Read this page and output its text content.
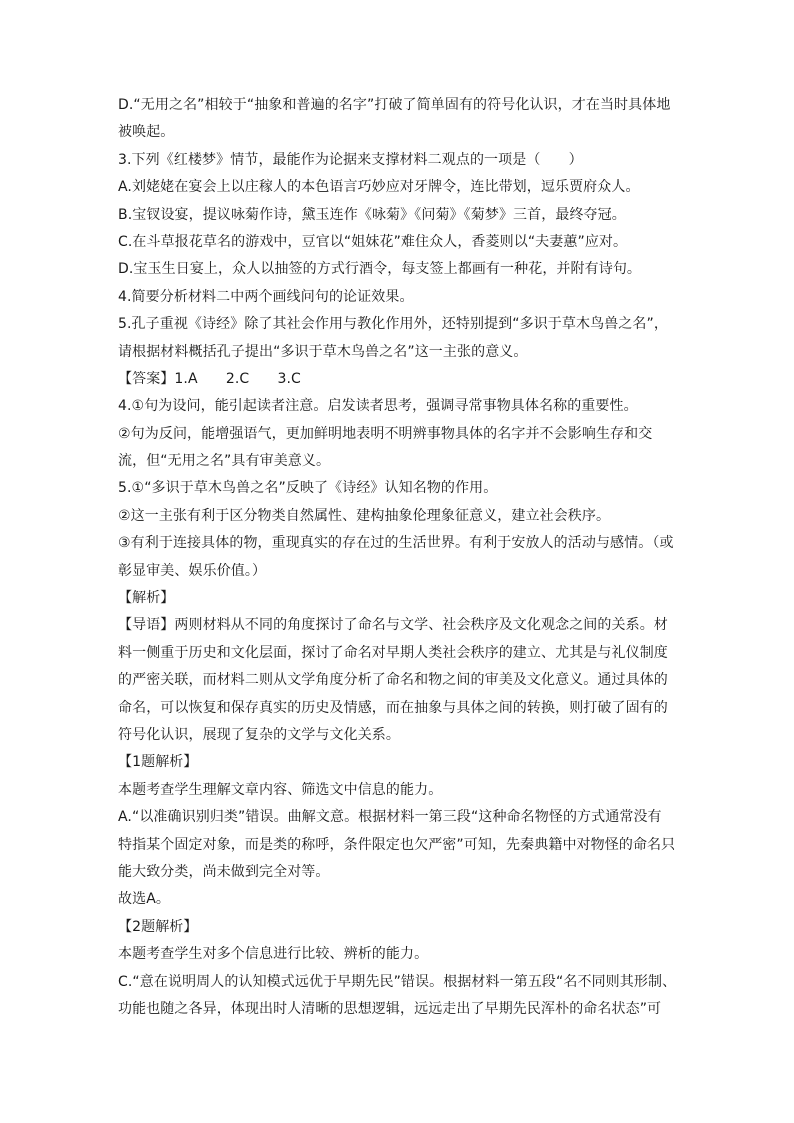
D.“无用之名”相较于“抽象和普遍的名字”打破了简单固有的符号化认识，才在当时具体地
被唤起。
3.下列《红楼梦》情节，最能作为论据来支撑材料二观点的一项是（　　）
A.刘姥姥在宴会上以庄稼人的本色语言巧妙应对牙牌令，连比带划，逗乐贾府众人。
B.宝钗设宴，提议咏菊作诗，黛玉连作《咏菊》《问菊》《菊梦》三首，最终夺冠。
C.在斗草报花草名的游戏中，豆官以“姐妹花”难住众人，香菱则以“夫妻蕙”应对。
D.宝玉生日宴上，众人以抽签的方式行酒令，每支签上都画有一种花，并附有诗句。
4.简要分析材料二中两个画线问句的论证效果。
5.孔子重视《诗经》除了其社会作用与教化作用外，还特别提到“多识于草木鸟兽之名”，
请根据材料概括孔子提出“多识于草木鸟兽之名”这一主张的意义。
【答案】1.A　　2.C　　3.C
4.①句为设问，能引起读者注意。启发读者思考，强调寻常事物具体名称的重要性。
②句为反问，能增强语气，更加鲜明地表明不明辨事物具体的名字并不会影响生存和交
流，但“无用之名”具有审美意义。
5.①“多识于草木鸟兽之名”反映了《诗经》认知名物的作用。
②这一主张有利于区分物类自然属性、建构抽象伦理象征意义，建立社会秩序。
③有利于连接具体的物，重现真实的存在过的生活世界。有利于安放人的活动与感情。（或
彰显审美、娱乐价值。）
【解析】
【导语】两则材料从不同的角度探讨了命名与文学、社会秩序及文化观念之间的关系。材
料一侧重于历史和文化层面，探讨了命名对早期人类社会秩序的建立、尤其是与礼仪制度
的严密关联，而材料二则从文学角度分析了命名和物之间的审美及文化意义。通过具体的
命名，可以恢复和保存真实的历史及情感，而在抽象与具体之间的转换，则打破了固有的
符号化认识，展现了复杂的文学与文化关系。
【1题解析】
本题考查学生理解文章内容、筛选文中信息的能力。
A.“以准确识别归类”错误。曲解文意。根据材料一第三段“这种命名物怪的方式通常没有
特指某个固定对象，而是类的称呼，条件限定也欠严密”可知，先秦典籍中对物怪的命名只
能大致分类，尚未做到完全对等。
故选A。
【2题解析】
本题考查学生对多个信息进行比较、辨析的能力。
C.“意在说明周人的认知模式远优于早期先民”错误。根据材料一第五段“名不同则其形制、
功能也随之各异，体现出时人清晰的思想逻辑，远远走出了早期先民浑朴的命名状态”可
